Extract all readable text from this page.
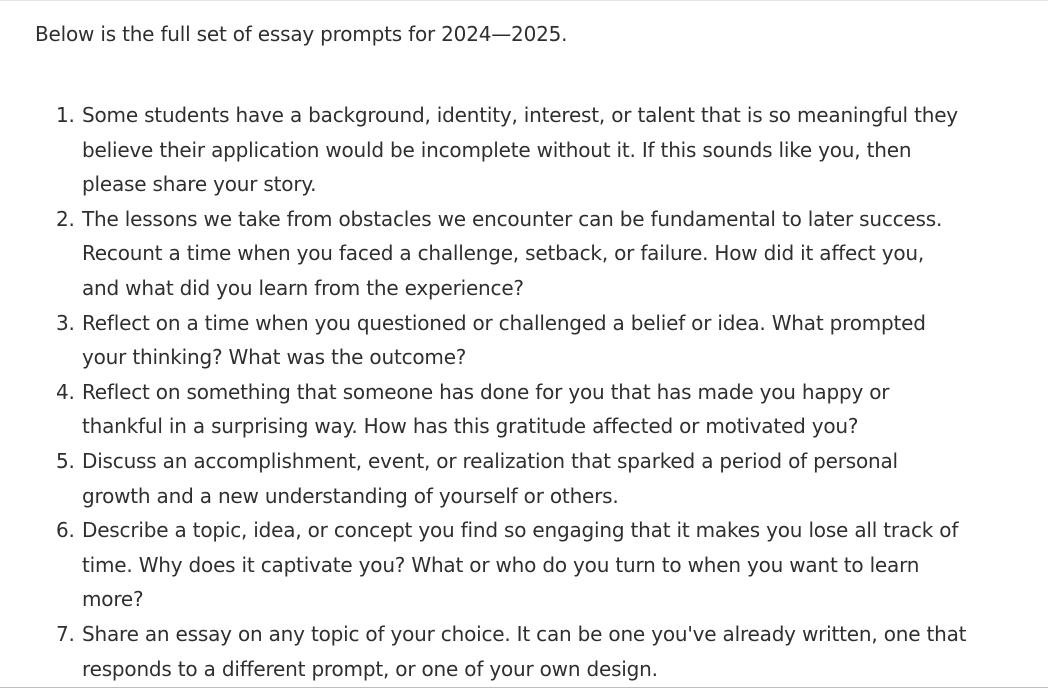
Below is the full set of essay prompts for 2024—2025.

1. Some students have a background, identity, interest, or talent that is so meaningful they
believe their application would be incomplete without it. If this sounds like you, then
please share your story.
2. The lessons we take from obstacles we encounter can be fundamental to later success.
Recount a time when you faced a challenge, setback, or failure. How did it affect you,
and what did you learn from the experience?
3. Reflect on a time when you questioned or challenged a belief or idea. What prompted
your thinking? What was the outcome?
4. Reflect on something that someone has done for you that has made you happy or
thankful in a surprising way. How has this gratitude affected or motivated you?
5. Discuss an accomplishment, event, or realization that sparked a period of personal
growth and a new understanding of yourself or others.
6. Describe a topic, idea, or concept you find so engaging that it makes you lose all track of
time. Why does it captivate you? What or who do you turn to when you want to learn
more?
7. Share an essay on any topic of your choice. It can be one you've already written, one that
responds to a different prompt, or one of your own design.
